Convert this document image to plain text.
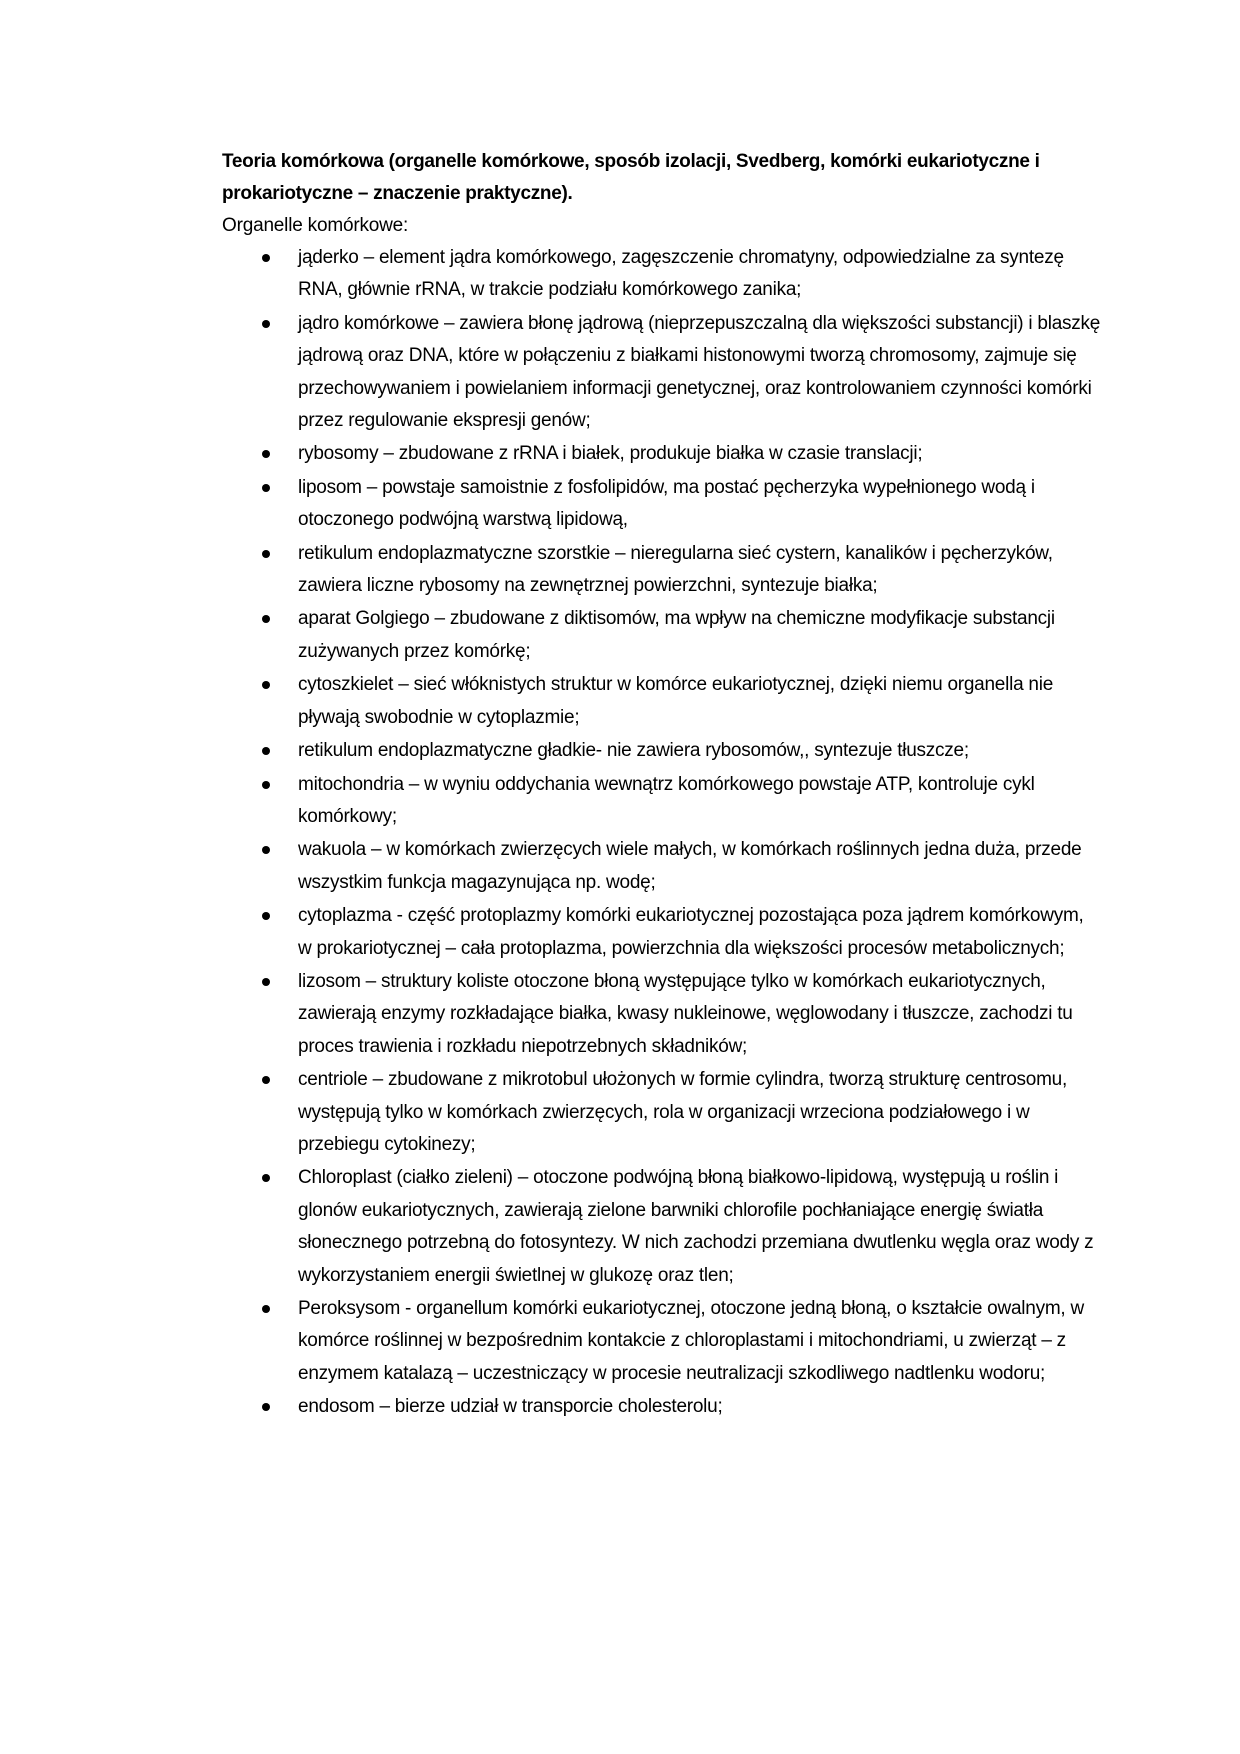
Teoria komórkowa (organelle komórkowe, sposób izolacji, Svedberg, komórki eukariotyczne i prokariotyczne – znaczenie praktyczne).

Organelle komórkowe:

jąderko – element jądra komórkowego, zagęszczenie chromatyny, odpowiedzialne za syntezę RNA, głównie rRNA, w trakcie podziału komórkowego zanika;
jądro komórkowe – zawiera błonę jądrową (nieprzepuszczalną dla większości substancji) i blaszkę jądrową oraz DNA, które w połączeniu z białkami histonowymi tworzą chromosomy, zajmuje się przechowywaniem i powielaniem informacji genetycznej, oraz kontrolowaniem czynności komórki przez regulowanie ekspresji genów;
rybosomy – zbudowane z rRNA i białek, produkuje białka w czasie translacji;
liposom – powstaje samoistnie z fosfolipidów, ma postać pęcherzyka wypełnionego wodą i otoczonego podwójną warstwą lipidową,
retikulum endoplazmatyczne szorstkie – nieregularna sieć cystern, kanalików i pęcherzyków, zawiera liczne rybosomy na zewnętrznej powierzchni, syntezuje białka;
aparat Golgiego – zbudowane z diktisomów, ma wpływ na chemiczne modyfikacje substancji zużywanych przez komórkę;
cytoszkielet – sieć włóknistych struktur w komórce eukariotycznej, dzięki niemu organella nie pływają swobodnie w cytoplazmie;
retikulum endoplazmatyczne gładkie- nie zawiera rybosomów,, syntezuje tłuszcze;
mitochondria – w wyniu oddychania wewnątrz komórkowego powstaje ATP, kontroluje cykl komórkowy;
wakuola – w komórkach zwierzęcych wiele małych, w komórkach roślinnych jedna duża, przede wszystkim funkcja magazynująca np. wodę;
cytoplazma - część protoplazmy komórki eukariotycznej pozostająca poza jądrem komórkowym, w prokariotycznej – cała protoplazma, powierzchnia dla większości procesów metabolicznych;
lizosom – struktury koliste otoczone błoną występujące tylko w komórkach eukariotycznych, zawierają enzymy rozkładające białka, kwasy nukleinowe, węglowodany i tłuszcze, zachodzi tu proces trawienia i rozkładu niepotrzebnych składników;
centriole – zbudowane z mikrotobul ułożonych w formie cylindra, tworzą strukturę centrosomu, występują tylko w komórkach zwierzęcych, rola w organizacji wrzeciona podziałowego i w przebiegu cytokinezy;
Chloroplast (ciałko zieleni) – otoczone podwójną błoną białkowo-lipidową, występują u roślin i glonów eukariotycznych, zawierają zielone barwniki chlorofile pochłaniające energię światła słonecznego potrzebną do fotosyntezy. W nich zachodzi przemiana dwutlenku węgla oraz wody z wykorzystaniem energii świetlnej w glukozę oraz tlen;
Peroksysom - organellum komórki eukariotycznej, otoczone jedną błoną, o kształcie owalnym, w komórce roślinnej w bezpośrednim kontakcie z chloroplastami i mitochondriami, u zwierząt – z enzymem katalazą – uczestniczący w procesie neutralizacji szkodliwego nadtlenku wodoru;
endosom – bierze udział w transporcie cholesterolu;
